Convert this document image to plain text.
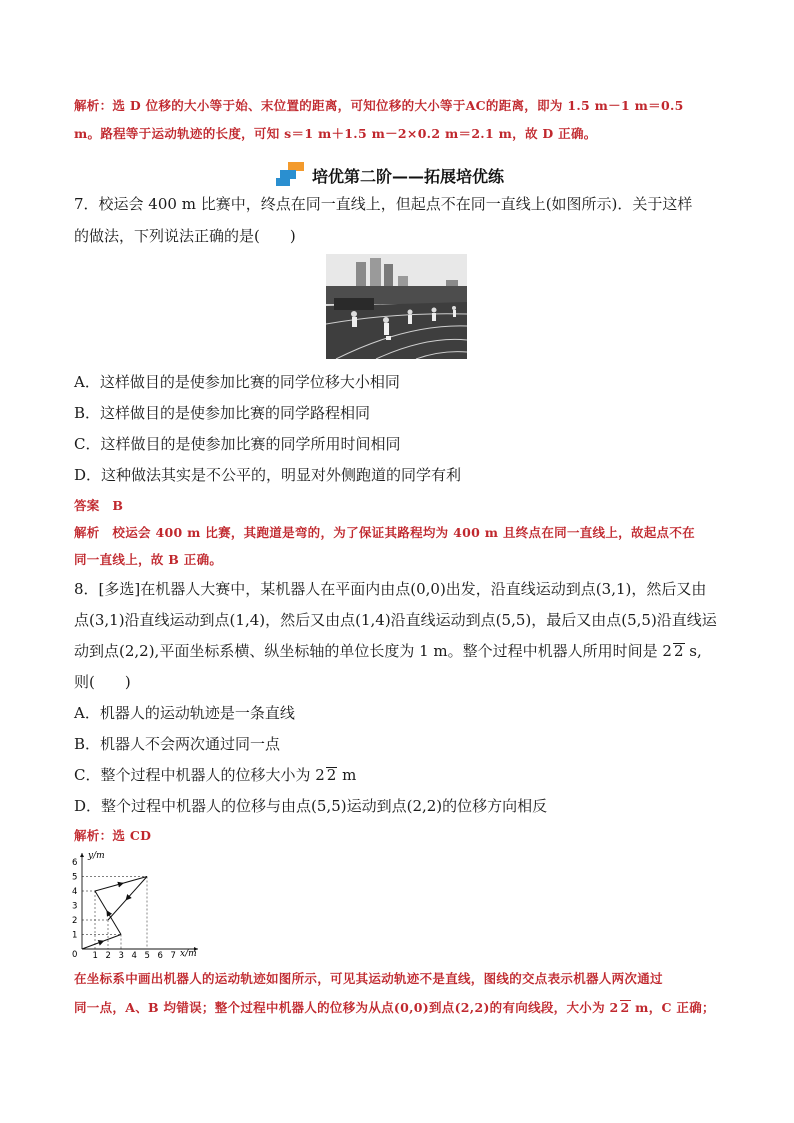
解析：选 D 位移的大小等于始、末位置的距离，可知位移的大小等于AC的距离，即为 1.5 m－1 m＝0.5
m。路程等于运动轨迹的长度，可知 s＝1 m＋1.5 m－2×0.2 m＝2.1 m，故 D 正确。
培优第二阶——拓展培优练
7．校运会 400 m 比赛中，终点在同一直线上，但起点不在同一直线上(如图所示)．关于这样
的做法，下列说法正确的是(　　)
A．这样做目的是使参加比赛的同学位移大小相同
B．这样做目的是使参加比赛的同学路程相同
C．这样做目的是使参加比赛的同学所用时间相同
D．这种做法其实是不公平的，明显对外侧跑道的同学有利
答案　B
解析　校运会 400 m 比赛，其跑道是弯的，为了保证其路程均为 400 m 且终点在同一直线上，故起点不在
同一直线上，故 B 正确。
8．[多选]在机器人大赛中，某机器人在平面内由点(0,0)出发，沿直线运动到点(3,1)，然后又由
点(3,1)沿直线运动到点(1,4)，然后又由点(1,4)沿直线运动到点(5,5)，最后又由点(5,5)沿直线运
动到点(2,2),平面坐标系横、纵坐标轴的单位长度为 1 m。整个过程中机器人所用时间是 2 2 s,
则(　　)
A．机器人的运动轨迹是一条直线
B．机器人不会两次通过同一点
C．整个过程中机器人的位移大小为 2 2 m
D．整个过程中机器人的位移与由点(5,5)运动到点(2,2)的位移方向相反
解析：选 CD
y/m
x/m
0 1 2 3 4 5 6 7
1
2
3
4
5
6
在坐标系中画出机器人的运动轨迹如图所示，可见其运动轨迹不是直线，图线的交点表示机器人两次通过
同一点，A、B 均错误；整个过程中机器人的位移为从点(0,0)到点(2,2)的有向线段，大小为 2 2 m，C 正确；
